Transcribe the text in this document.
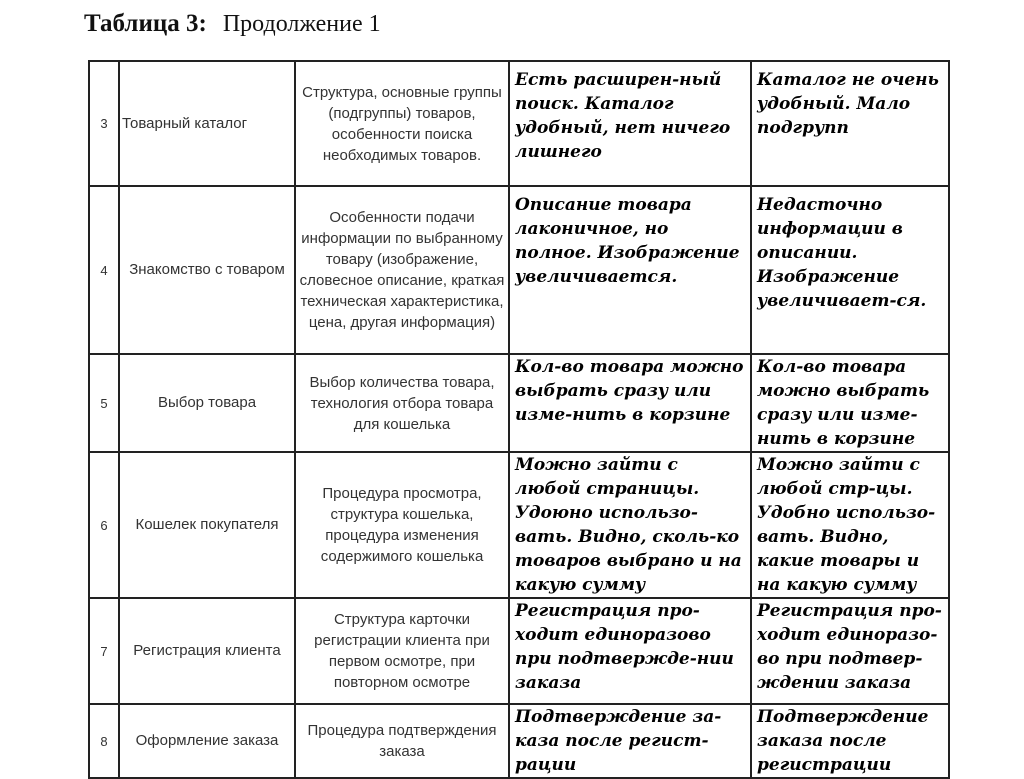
Таблица 3: Продолжение 1
3	Товарный каталог	Структура, основные группы (подгруппы) товаров, особенности поиска необходимых товаров.	Есть расширен-ный поиск. Каталог удобный, нет ничего лишнего	Каталог не очень удобный. Мало подгрупп
4	Знакомство с товаром	Особенности подачи информации по выбранному товару (изображение, словесное описание, краткая техническая характеристика, цена, другая информация)	Описание товара лаконичное, но полное. Изображение увеличивается.	Недасточно информации в описании. Изображение увеличивает-ся.
5	Выбор товара	Выбор количества товара, технология отбора товара для кошелька	Кол-во товара можно выбрать сразу или изме-нить в корзине	Кол-во товара можно выбрать сразу или изме-нить в корзине
6	Кошелек покупателя	Процедура просмотра, структура кошелька, процедура изменения содержимого кошелька	Можно зайти с любой страницы. Удоюно использо-вать. Видно, сколь-ко товаров выбрано и на какую сумму	Можно зайти с любой стр-цы. Удобно использо-вать. Видно, какие товары и на какую сумму
7	Регистрация клиента	Структура карточки регистрации клиента при первом осмотре, при повторном осмотре	Регистрация про-ходит единоразово при подтвержде-нии заказа	Регистрация про-ходит единоразо-во при подтвер-ждении заказа
8	Оформление заказа	Процедура подтверждения заказа	Подтверждение за-каза после регист-рации	Подтверждение заказа после регистрации
